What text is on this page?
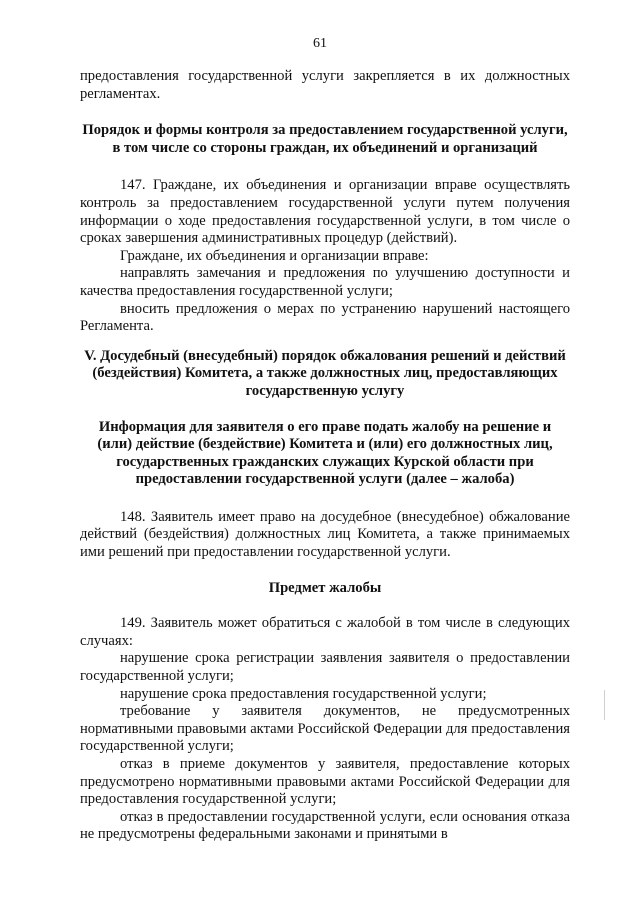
61

предоставления государственной услуги закрепляется в их должностных регламентах.

Порядок и формы контроля за предоставлением государственной услуги, в том числе со стороны граждан, их объединений и организаций

147. Граждане, их объединения и организации вправе осуществлять контроль за предоставлением государственной услуги путем получения информации о ходе предоставления государственной услуги, в том числе о сроках завершения административных процедур (действий).

Граждане, их объединения и организации вправе:

направлять замечания и предложения по улучшению доступности и качества предоставления государственной услуги;

вносить предложения о мерах по устранению нарушений настоящего Регламента.

V. Досудебный (внесудебный) порядок обжалования решений и действий (бездействия) Комитета, а также должностных лиц, предоставляющих государственную услугу

Информация для заявителя о его праве подать жалобу на решение и (или) действие (бездействие) Комитета и (или) его должностных лиц, государственных гражданских служащих Курской области при предоставлении государственной услуги (далее – жалоба)

148. Заявитель имеет право на досудебное (внесудебное) обжалование действий (бездействия) должностных лиц Комитета, а также принимаемых ими решений при предоставлении государственной услуги.

Предмет жалобы

149. Заявитель может обратиться с жалобой в том числе в следующих случаях:

нарушение срока регистрации заявления заявителя о предоставлении государственной услуги;

нарушение срока предоставления государственной услуги;

требование у заявителя документов, не предусмотренных нормативными правовыми актами Российской Федерации для предоставления государственной услуги;

отказ в приеме документов у заявителя, предоставление которых предусмотрено нормативными правовыми актами Российской Федерации для предоставления государственной услуги;

отказ в предоставлении государственной услуги, если основания отказа не предусмотрены федеральными законами и принятыми в
